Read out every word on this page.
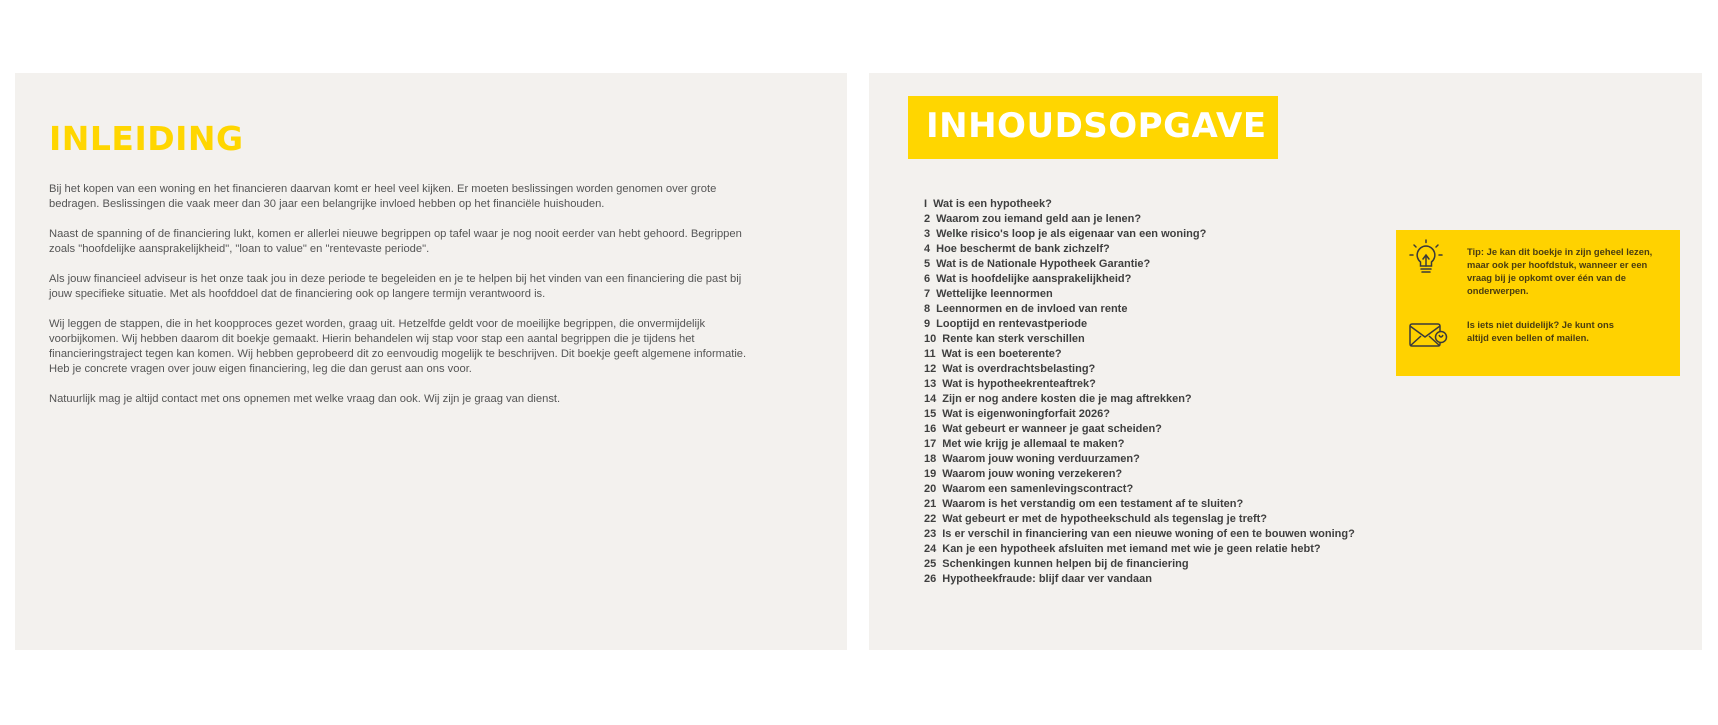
INLEIDING

Bij het kopen van een woning en het financieren daarvan komt er heel veel kijken. Er moeten beslissingen worden genomen over grote bedragen. Beslissingen die vaak meer dan 30 jaar een belangrijke invloed hebben op het financiële huishouden.

Naast de spanning of de financiering lukt, komen er allerlei nieuwe begrippen op tafel waar je nog nooit eerder van hebt gehoord. Begrippen zoals "hoofdelijke aansprakelijkheid", "loan to value" en "rentevaste periode".

Als jouw financieel adviseur is het onze taak jou in deze periode te begeleiden en je te helpen bij het vinden van een financiering die past bij jouw specifieke situatie. Met als hoofddoel dat de financiering ook op langere termijn verantwoord is.

Wij leggen de stappen, die in het koopproces gezet worden, graag uit. Hetzelfde geldt voor de moeilijke begrippen, die onvermijdelijk voorbijkomen. Wij hebben daarom dit boekje gemaakt. Hierin behandelen wij stap voor stap een aantal begrippen die je tijdens het financieringstraject tegen kan komen. Wij hebben geprobeerd dit zo eenvoudig mogelijk te beschrijven. Dit boekje geeft algemene informatie. Heb je concrete vragen over jouw eigen financiering, leg die dan gerust aan ons voor.

Natuurlijk mag je altijd contact met ons opnemen met welke vraag dan ook. Wij zijn je graag van dienst.

INHOUDSOPGAVE
I Wat is een hypotheek?
2 Waarom zou iemand geld aan je lenen?
3 Welke risico's loop je als eigenaar van een woning?
4 Hoe beschermt de bank zichzelf?
5 Wat is de Nationale Hypotheek Garantie?
6 Wat is hoofdelijke aansprakelijkheid?
7 Wettelijke leennormen
8 Leennormen en de invloed van rente
9 Looptijd en rentevastperiode
10 Rente kan sterk verschillen
11 Wat is een boeterente?
12 Wat is overdrachtsbelasting?
13 Wat is hypotheekrenteaftrek?
14 Zijn er nog andere kosten die je mag aftrekken?
15 Wat is eigenwoningforfait 2026?
16 Wat gebeurt er wanneer je gaat scheiden?
17 Met wie krijg je allemaal te maken?
18 Waarom jouw woning verduurzamen?
19 Waarom jouw woning verzekeren?
20 Waarom een samenlevingscontract?
21 Waarom is het verstandig om een testament af te sluiten?
22 Wat gebeurt er met de hypotheekschuld als tegenslag je treft?
23 Is er verschil in financiering van een nieuwe woning of een te bouwen woning?
24 Kan je een hypotheek afsluiten met iemand met wie je geen relatie hebt?
25 Schenkingen kunnen helpen bij de financiering
26 Hypotheekfraude: blijf daar ver vandaan
Tip: Je kan dit boekje in zijn geheel lezen, maar ook per hoofdstuk, wanneer er een vraag bij je opkomt over één van de onderwerpen.
Is iets niet duidelijk? Je kunt ons altijd even bellen of mailen.
